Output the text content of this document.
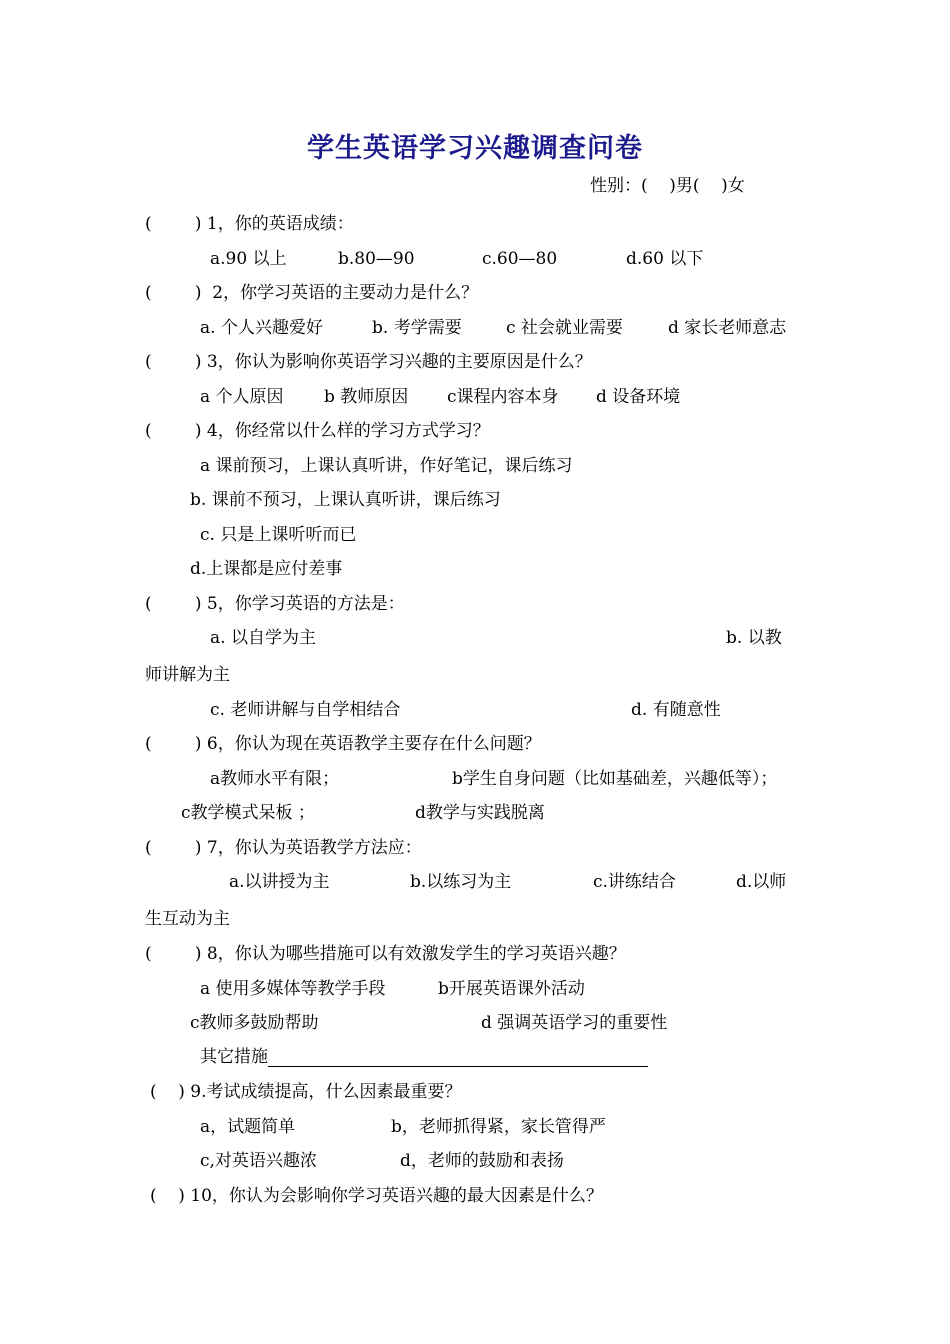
学生英语学习兴趣调查问卷
性别：(    )男(    )女
(        ) 1，你的英语成绩：
a.90 以上	b.80—90	c.60—80	d.60 以下
(        )  2，你学习英语的主要动力是什么？
a. 个人兴趣爱好	b. 考学需要	c 社会就业需要	d 家长老师意志
(        ) 3，你认为影响你英语学习兴趣的主要原因是什么？
a 个人原因 b 教师原因 c课程内容本身 d 设备环境
(        ) 4，你经常以什么样的学习方式学习？
a 课前预习，上课认真听讲，作好笔记，课后练习
b. 课前不预习，上课认真听讲，课后练习
c. 只是上课听听而已
d.上课都是应付差事
(        ) 5，你学习英语的方法是：
a. 以自学为主	b. 以教
师讲解为主
c. 老师讲解与自学相结合	d. 有随意性
(        ) 6，你认为现在英语教学主要存在什么问题？
a教师水平有限；	b学生自身问题（比如基础差，兴趣低等）；
c教学模式呆板 ；	d教学与实践脱离
(        ) 7，你认为英语教学方法应：
a.以讲授为主	b.以练习为主	c.讲练结合	d.以师
生互动为主
(        ) 8，你认为哪些措施可以有效激发学生的学习英语兴趣？
a 使用多媒体等教学手段	b开展英语课外活动
c教师多鼓励帮助	d 强调英语学习的重要性
其它措施
(    ) 9.考试成绩提高，什么因素最重要？
a，试题简单	b，老师抓得紧，家长管得严
c,对英语兴趣浓	d，老师的鼓励和表扬
(    ) 10，你认为会影响你学习英语兴趣的最大因素是什么？
